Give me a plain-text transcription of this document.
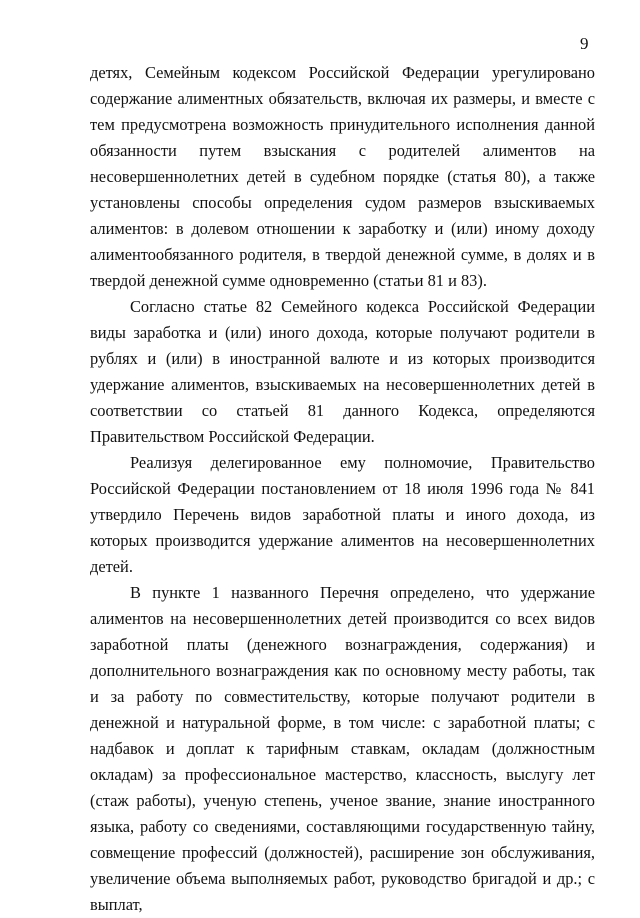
9

детях, Семейным кодексом Российской Федерации урегулировано содержание алиментных обязательств, включая их размеры, и вместе с тем предусмотрена возможность принудительного исполнения данной обязанности путем взыскания с родителей алиментов на несовершеннолетних детей в судебном порядке (статья 80), а также установлены способы определения судом размеров взыскиваемых алиментов: в долевом отношении к заработку и (или) иному доходу алиментообязанного родителя, в твердой денежной сумме, в долях и в твердой денежной сумме одновременно (статьи 81 и 83).

Согласно статье 82 Семейного кодекса Российской Федерации виды заработка и (или) иного дохода, которые получают родители в рублях и (или) в иностранной валюте и из которых производится удержание алиментов, взыскиваемых на несовершеннолетних детей в соответствии со статьей 81 данного Кодекса, определяются Правительством Российской Федерации.

Реализуя делегированное ему полномочие, Правительство Российской Федерации постановлением от 18 июля 1996 года № 841 утвердило Перечень видов заработной платы и иного дохода, из которых производится удержание алиментов на несовершеннолетних детей.

В пункте 1 названного Перечня определено, что удержание алиментов на несовершеннолетних детей производится со всех видов заработной платы (денежного вознаграждения, содержания) и дополнительного вознаграждения как по основному месту работы, так и за работу по совместительству, которые получают родители в денежной и натуральной форме, в том числе: с заработной платы; с надбавок и доплат к тарифным ставкам, окладам (должностным окладам) за профессиональное мастерство, классность, выслугу лет (стаж работы), ученую степень, ученое звание, знание иностранного языка, работу со сведениями, составляющими государственную тайну, совмещение профессий (должностей), расширение зон обслуживания, увеличение объема выполняемых работ, руководство бригадой и др.; с выплат,
